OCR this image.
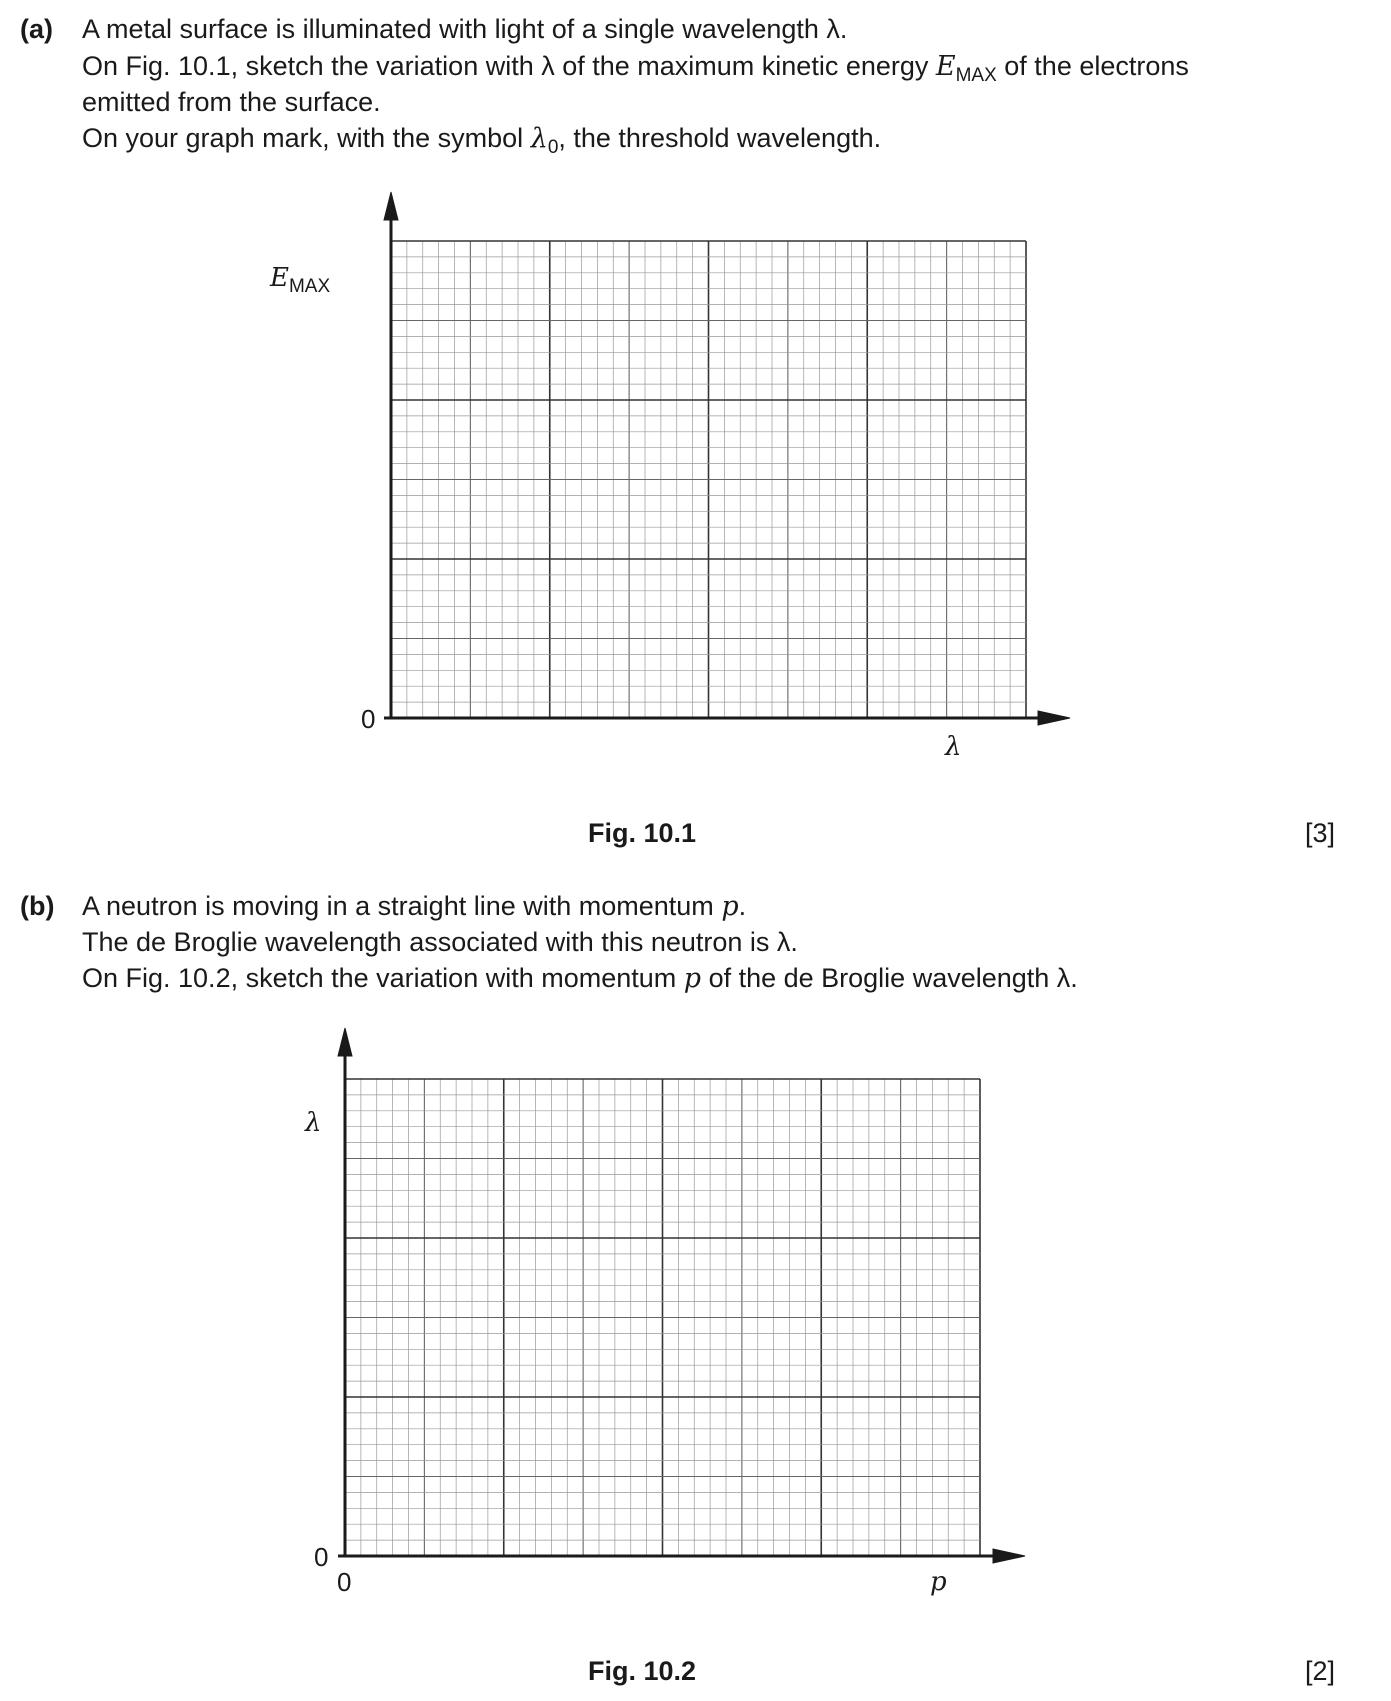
(a) A metal surface is illuminated with light of a single wavelength λ.
On Fig. 10.1, sketch the variation with λ of the maximum kinetic energy $E_{MAX}$ of the electrons
emitted from the surface.
On your graph mark, with the symbol $\lambda_0$, the threshold wavelength.
$E_{MAX}$
0
λ
Fig. 10.1	[3]
(b) A neutron is moving in a straight line with momentum p.
The de Broglie wavelength associated with this neutron is λ.
On Fig. 10.2, sketch the variation with momentum p of the de Broglie wavelength λ.
λ
0
0	p
Fig. 10.2	[2]
